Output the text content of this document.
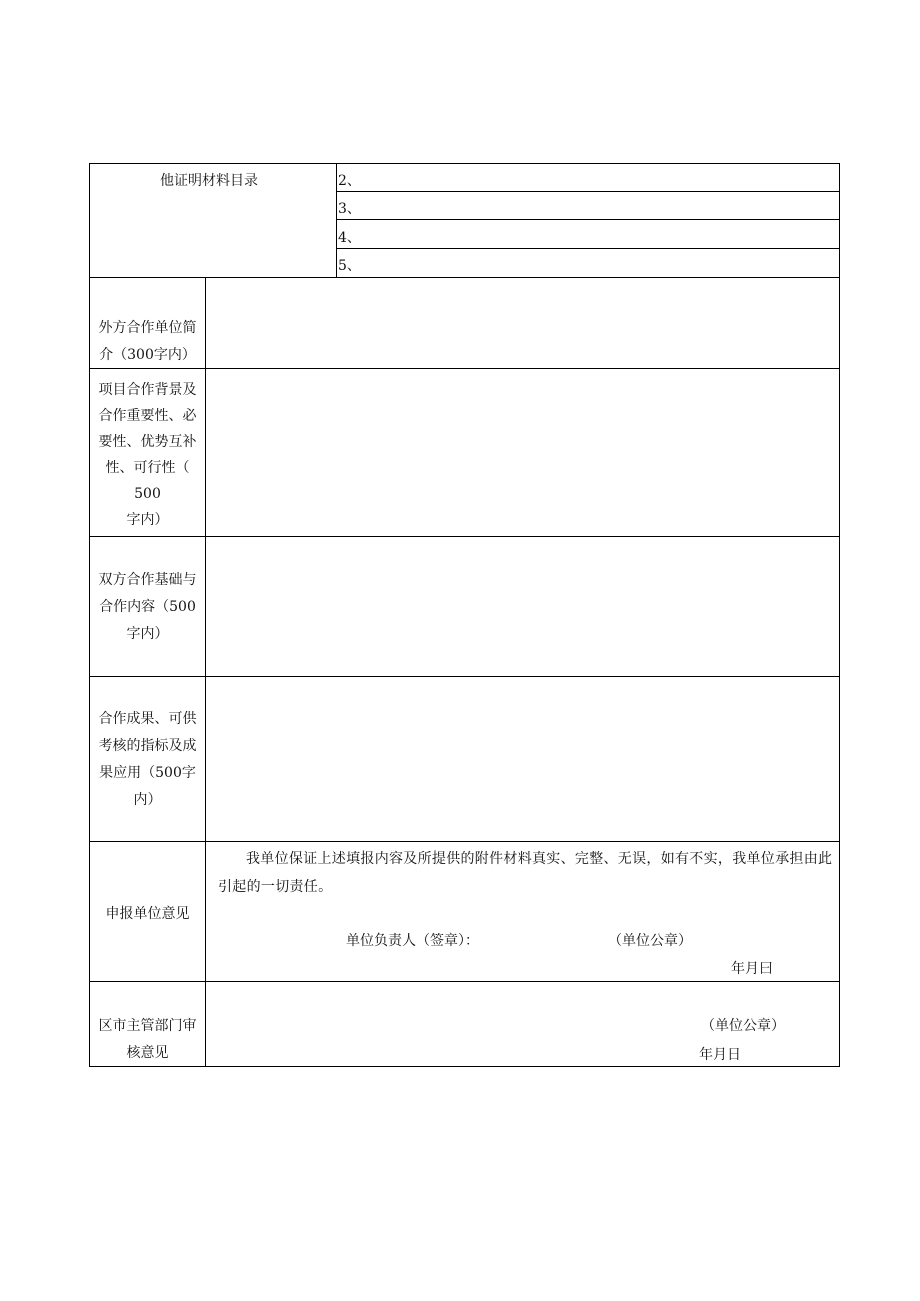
他证明材料目录	2、
3、
4、
5、
外方合作单位简
介（300字内）
项目合作背景及
合作重要性、必
要性、优势互补
性、可行性（
500
字内）
双方合作基础与
合作内容（500
字内）
合作成果、可供
考核的指标及成
果应用（500字
内）
申报单位意见
我单位保证上述填报内容及所提供的附件材料真实、完整、无误，如有不实，我单位承担由此引起的一切责任。
单位负责人（签章）：	（单位公章）
年月曰
区市主管部门审
核意见
（单位公章）
年月日
